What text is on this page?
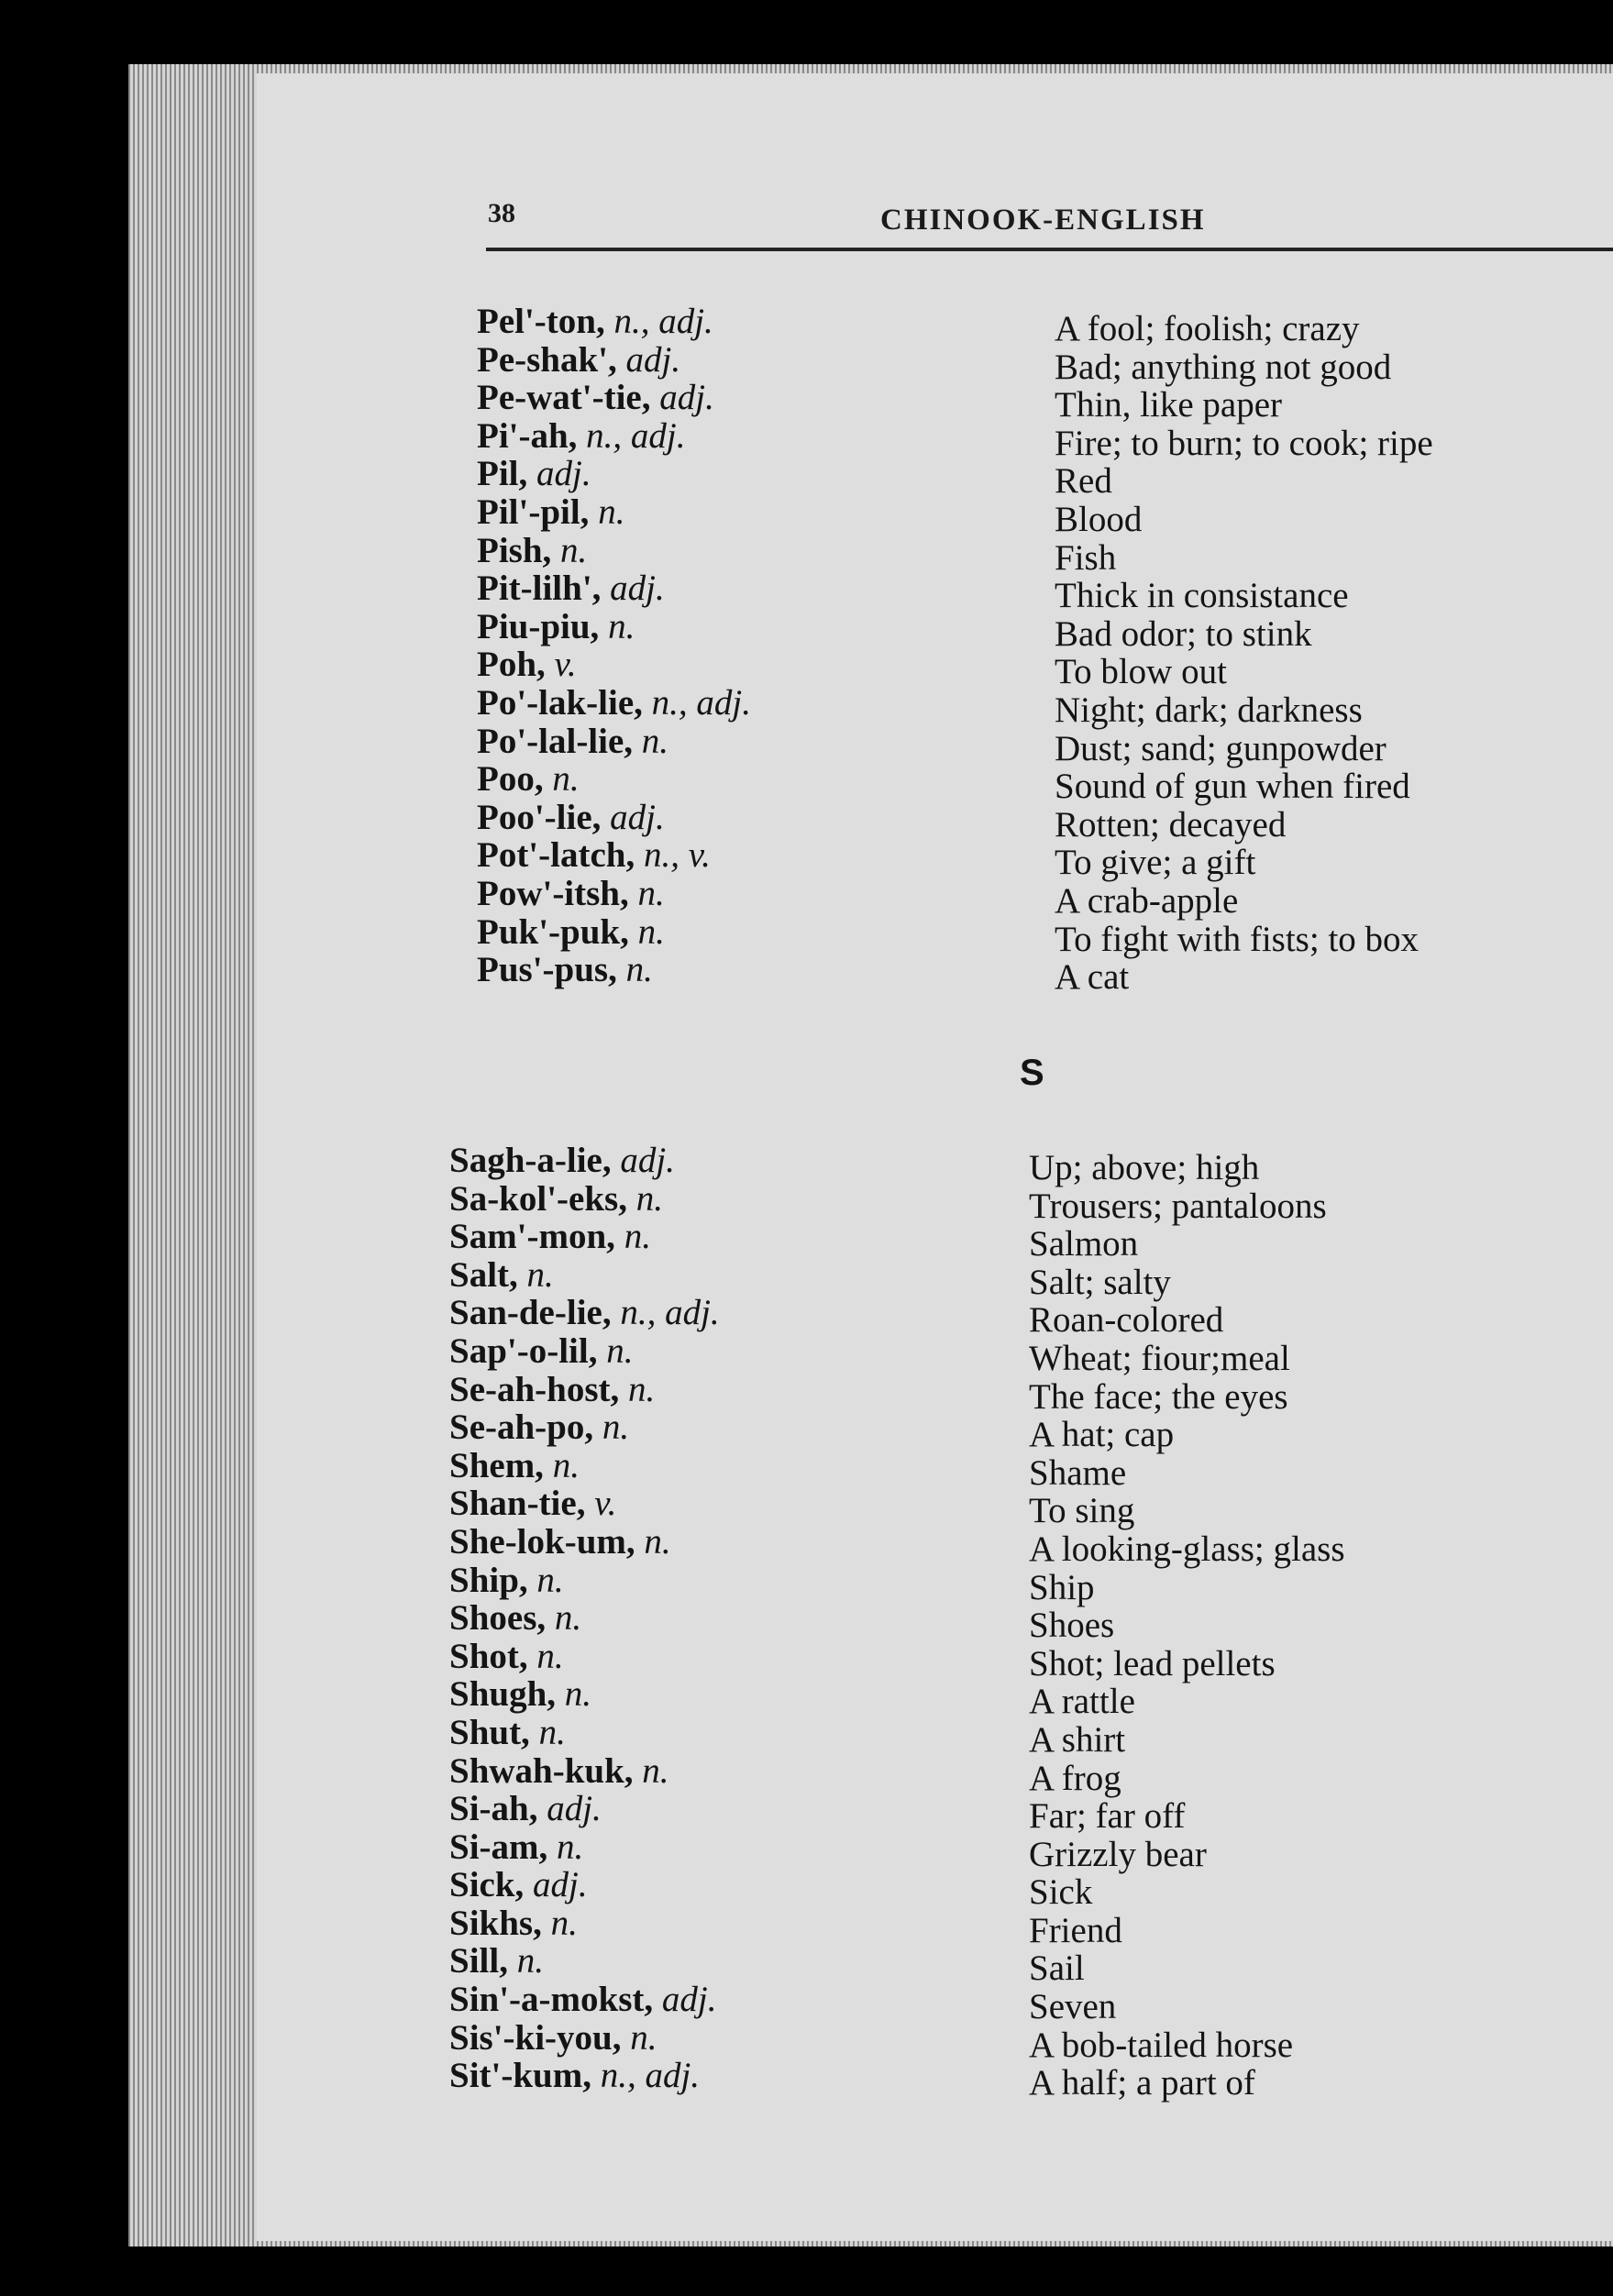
38	CHINOOK-ENGLISH
Pel'-ton, n., adj.
Pe-shak', adj.
Pe-wat'-tie, adj.
Pi'-ah, n., adj.
Pil, adj.
Pil'-pil, n.
Pish, n.
Pit-lilh', adj.
Piu-piu, n.
Poh, v.
Po'-lak-lie, n., adj.
Po'-lal-lie, n.
Poo, n.
Poo'-lie, adj.
Pot'-latch, n., v.
Pow'-itsh, n.
Puk'-puk, n.
Pus'-pus, n.
A fool; foolish; crazy
Bad; anything not good
Thin, like paper
Fire; to burn; to cook; ripe
Red
Blood
Fish
Thick in consistance
Bad odor; to stink
To blow out
Night; dark; darkness
Dust; sand; gunpowder
Sound of gun when fired
Rotten; decayed
To give; a gift
A crab-apple
To fight with fists; to box
A cat
S
Sagh-a-lie, adj.
Sa-kol'-eks, n.
Sam'-mon, n.
Salt, n.
San-de-lie, n., adj.
Sap'-o-lil, n.
Se-ah-host, n.
Se-ah-po, n.
Shem, n.
Shan-tie, v.
She-lok-um, n.
Ship, n.
Shoes, n.
Shot, n.
Shugh, n.
Shut, n.
Shwah-kuk, n.
Si-ah, adj.
Si-am, n.
Sick, adj.
Sikhs, n.
Sill, n.
Sin'-a-mokst, adj.
Sis'-ki-you, n.
Sit'-kum, n., adj.
Up; above; high
Trousers; pantaloons
Salmon
Salt; salty
Roan-colored
Wheat; fiour;meal
The face; the eyes
A hat; cap
Shame
To sing
A looking-glass; glass
Ship
Shoes
Shot; lead pellets
A rattle
A shirt
A frog
Far; far off
Grizzly bear
Sick
Friend
Sail
Seven
A bob-tailed horse
A half; a part of
